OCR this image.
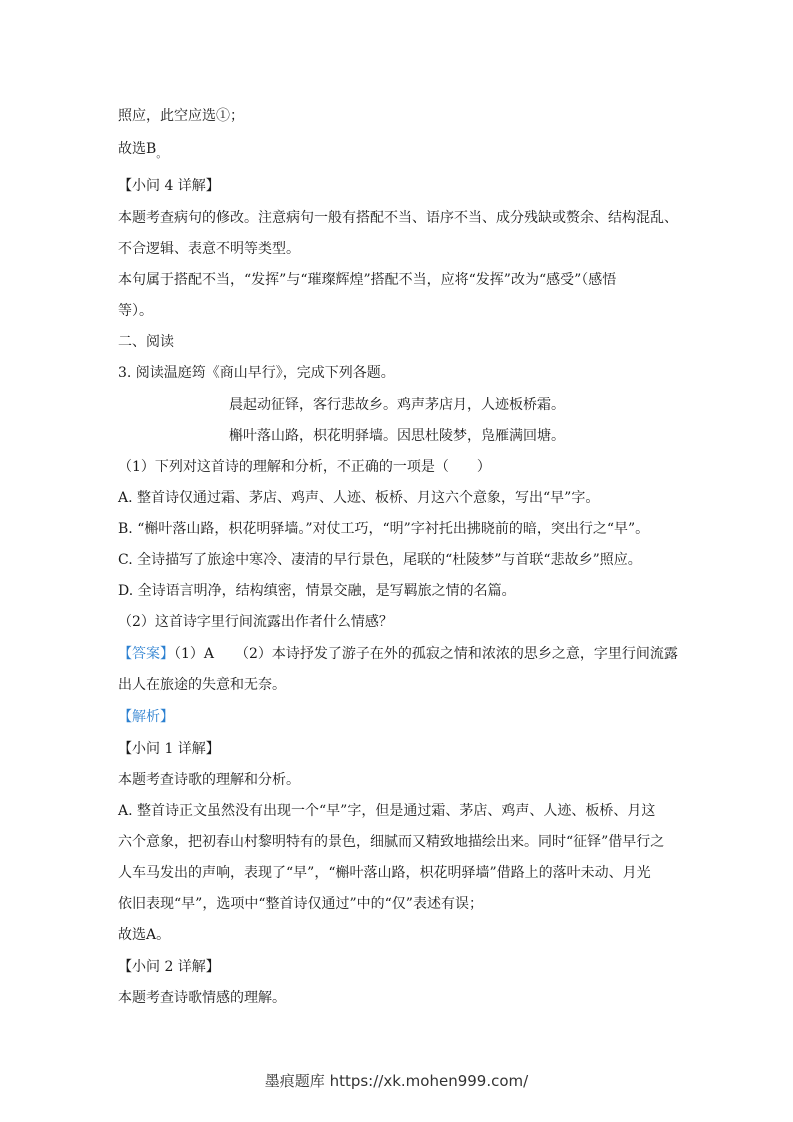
照应，此空应选①；
故选$B_。$
【小问 4 详解】
本题考查病句的修改。注意病句一般有搭配不当、语序不当、成分残缺或赘余、结构混乱、
不合逻辑、表意不明等类型。
本句属于搭配不当，“发挥”与“璀璨辉煌”搭配不当，应将“发挥”改为“感受”（感悟
等）。
二、阅读
3. 阅读温庭筠《商山早行》，完成下列各题。
晨起动征铎，客行悲故乡。鸡声茅店月，人迹板桥霜。
槲叶落山路，枳花明驿墙。因思杜陵梦，凫雁满回塘。
（1）下列对这首诗的理解和分析，不正确的一项是（　　）
A. 整首诗仅通过霜、茅店、鸡声、人迹、板桥、月这六个意象，写出“早”字。
B. “槲叶落山路，枳花明驿墙。”对仗工巧，“明”字衬托出拂晓前的暗，突出行之“早”。
C. 全诗描写了旅途中寒冷、凄清的早行景色，尾联的“杜陵梦”与首联“悲故乡”照应。
D. 全诗语言明净，结构缜密，情景交融，是写羁旅之情的名篇。
（2）这首诗字里行间流露出作者什么情感？
【答案】（1）A　　（2）本诗抒发了游子在外的孤寂之情和浓浓的思乡之意，字里行间流露
出人在旅途的失意和无奈。
【解析】
【小问 1 详解】
本题考查诗歌的理解和分析。
A. 整首诗正文虽然没有出现一个“早”字，但是通过霜、茅店、鸡声、人迹、板桥、月这
六个意象，把初春山村黎明特有的景色，细腻而又精致地描绘出来。同时“征铎”借早行之
人车马发出的声响，表现了“早”，“槲叶落山路，枳花明驿墙”借路上的落叶未动、月光
依旧表现“早”，选项中“整首诗仅通过”中的“仅”表述有误；
故选A。
【小问 2 详解】
本题考查诗歌情感的理解。
墨痕题库 https://xk.mohen999.com/
